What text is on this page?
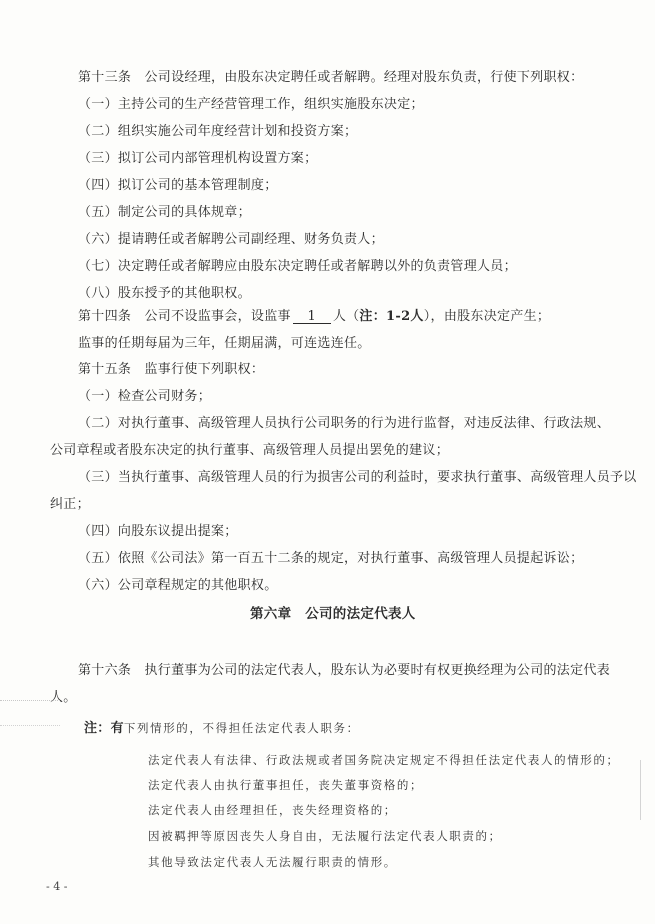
第十三条　公司设经理，由股东决定聘任或者解聘。经理对股东负责，行使下列职权：
（一）主持公司的生产经营管理工作，组织实施股东决定；
（二）组织实施公司年度经营计划和投资方案；
（三）拟订公司内部管理机构设置方案；
（四）拟订公司的基本管理制度；
（五）制定公司的具体规章；
（六）提请聘任或者解聘公司副经理、财务负责人；
（七）决定聘任或者解聘应由股东决定聘任或者解聘以外的负责管理人员；
（八）股东授予的其他职权。
第十四条　公司不设监事会，设监事 1 人（注：1-2人），由股东决定产生；
监事的任期每届为三年，任期届满，可连选连任。
第十五条　监事行使下列职权：
（一）检查公司财务；
（二）对执行董事、高级管理人员执行公司职务的行为进行监督，对违反法律、行政法规、
公司章程或者股东决定的执行董事、高级管理人员提出罢免的建议；
（三）当执行董事、高级管理人员的行为损害公司的利益时，要求执行董事、高级管理人员予以
纠正；
（四）向股东议提出提案；
（五）依照《公司法》第一百五十二条的规定，对执行董事、高级管理人员提起诉讼；
（六）公司章程规定的其他职权。
第六章　公司的法定代表人
第十六条　执行董事为公司的法定代表人，股东认为必要时有权更换经理为公司的法定代表
人。
注：有下列情形的，不得担任法定代表人职务：
法定代表人有法律、行政法规或者国务院决定规定不得担任法定代表人的情形的；
法定代表人由执行董事担任，丧失董事资格的；
法定代表人由经理担任，丧失经理资格的；
因被羁押等原因丧失人身自由，无法履行法定代表人职责的；
其他导致法定代表人无法履行职责的情形。
- 4 -
